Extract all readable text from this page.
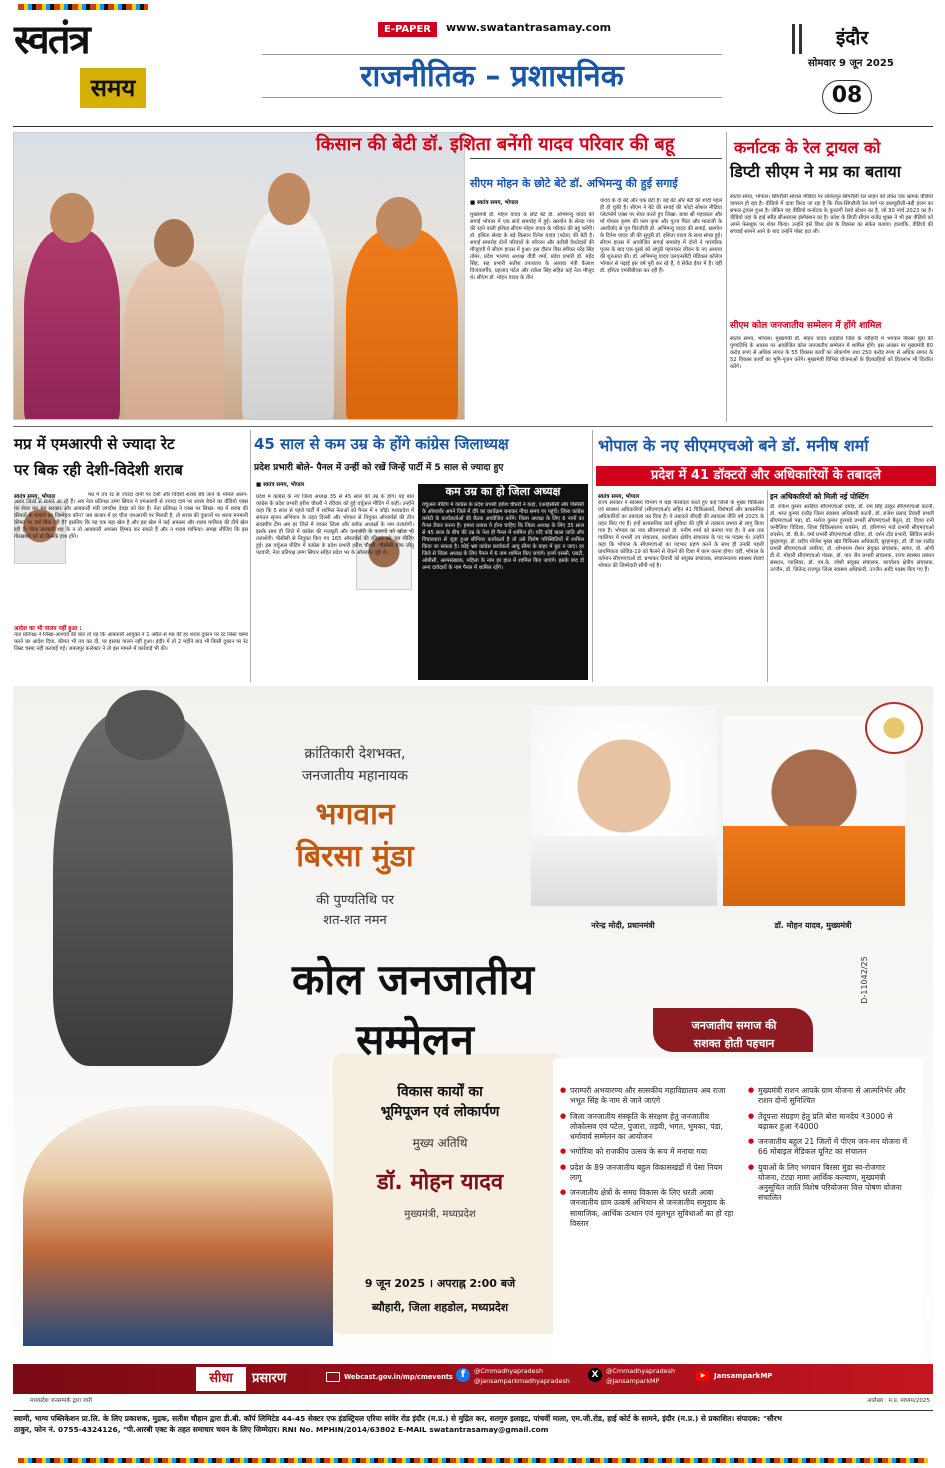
स्वतंत्र
समय
E-PAPER	www.swatantrasamay.com
राजनीतिक – प्रशासनिक
इंदौर
सोमवार 9 जून 2025
08
किसान की बेटी डॉ. इशिता बनेंगी यादव परिवार की बहू
सीएम मोहन के छोटे बेटे डॉ. अभिमन्यु की हुई सगाई
■ स्वतंत्र समय, भोपाल
मुख्यमंत्री डॉ. मोहन यादव के छोटे बेटे डॉ. अभिमन्यु यादव की सगाई भोपाल में एक सादे समारोह में हुई। खरगोन के सेल्दा गांव की रहने वाली इशिता सीएम मोहन यादव के परिवार की बहू बनेंगी। डॉ. इशिता सेल्दा के बड़े किसान दिनेश यादव (पटेल) की बेटी है। सगाई समारोह दोनों परिवारों के परिजन और करीबी रिश्तेदारों की मौजूदगी में सीएम हाउस में हुआ। इस दौरान विस स्पीकर नरेंद्र सिंह तोमर, प्रदेश भाजपा अध्यक्ष वीडी शर्मा, प्रदेश प्रभारी डॉ. महेंद्र सिंह, सह प्रभारी सतीश उपाध्याय के अलावा मंत्री कैलाश विजयवर्गीय, प्रहलाद पटेल और राकेश सिंह सहित कई नेता मौजूद थे। सीएम डॉ. मोहन यादव के तीन
यादव के दो बेटे और एक बेटी है। बड़े बेटे और बेटी की शादी पहले ही हो चुकी है। सीएम ने बेटे की सगाई की फोटो सोशल मीडिया प्लेटफॉर्म एक्स पर शेयर करते हुए लिखा- बाबा श्री महाकाल और माँ गोपाल कृष्ण की परम कृपा और पूज्य पिता और माताजी के आशीर्वाद से पुत्र चिरंजीवी डॉ. अभिमन्यु यादव की सगाई, खरगोन के दिनेश यादव जी की सुपुत्री डॉ. इशिता यादव के साथ संपन्न हुई। सीएम हाउस में आयोजित सगाई समारोह में दोनों ने पारंपरिक पूजन के बाद एक-दूसरे को अंगूठी पहनाकर जीवन के नए अध्याय की शुरुआत की। डॉ. अभिमन्यु यादव एलएनसीटी मेडिकल कॉलेज भोपाल से पढ़ाई इस वर्ष पूरी कर रहे हैं, वे सेकेंड ईयर में हैं। वहीं डॉ. इशिता एमबीबीएस कर रही हैं।
कर्नाटक के रेल ट्रायल को
डिप्टी सीएम ने मप्र का बताया
स्वतंत्र समय, भोपाल। सिंगरौली सोशल मीडिया पर ललितपुर-सिंगरौली रेल लाइन को लेकर एक भ्रामक वीडियो वायरल हो रहा है। वीडियो में दावा किया जा रहा है कि रीवा-सिंगरौली रेल मार्ग पर डब्ल्यूडीजी-4डी इंजन का सफल ट्रायल हुआ है। लेकिन यह वीडियो कर्नाटक के कुरतगी रेलवे स्टेशन का है, जो 30 मार्च 2023 का है। वीडियो वहां के हाई स्पीड सीआरएस इंस्पेक्शन का है। प्रदेश के डिप्टी सीएम राजेंद्र शुक्ल ने भी इस वीडियो को अपने फेसबुक पर शेयर किया। उन्होंने इसे विंध्य क्षेत्र के विकास का संकेत बताया। हालांकि, वीडियो की सच्चाई सामने आने के बाद उन्होंने पोस्ट हटा ली।
सीएम कोल जनजातीय सम्मेलन में होंगे शामिल
स्वतंत्र समय, भोपाल। मुख्यमंत्री डॉ. मोहन यादव शहडोल जिले के ब्यौहारी में भगवान बिरसा मुंडा की पुण्यतिथि के अवसर पर आयोजित कोल जनजातीय सम्मेलन में शामिल होंगे। इस अवसर पर मुख्यमंत्री 80 करोड़ रुपए से अधिक लागत के 55 विकास कार्यों का लोकार्पण तथा 250 करोड़ रुपए से अधिक लागत के 52 विकास कार्यों का भूमि-पूजन करेंगे। मुख्यमंत्री विभिन्न योजनाओं के हितग्राहियों को हितलाभ भी वितरित करेंगे।
मप्र में एमआरपी से ज्यादा रेट
पर बिक रही देशी-विदेशी शराब
स्वतंत्र समय, भोपाल	मप्र में तय रेट से ज्यादा दामों पर देशी और विदेशी शराब बेचे जाने के मामले अलग-अलग जिलों से सामने आ रहे हैं। अब नेता प्रतिपक्ष उमंग सिंघार ने एमआरपी से ज्यादा दाम पर शराब बेचने का वीडियो एक्स पर शेयर कर मप्र सरकार और आबकारी मंत्री जगदीश देवड़ा को घेरा है। नेता प्रतिपक्ष ने एक्स पर लिखा- मप्र में शराब की कीमतों के फंदाले का जिम्मेदार कौन? जब बाजार में हर चीज एमआरपी पर मिलती है, तो शराब की दुकानों पर शराब मनमानी कीमत पर क्यों बिक रही है? इसलिए कि यह एक बड़ा खेल है और इस खेल में कई अफसर और शराब माफिया की टीमें खेल रही हैं। बिना सरकारी शह के न तो आबकारी अफसर हिम्मत कर सकते हैं और न शराब माफिया। समझ लीजिए कि इस गोरखधंधे को डॉ किसके हाथ होंगे।
आदेश का भी पालन नहीं हुआ :
नेता प्रतिपक्ष ने लिखा-आश्चर्य की बात तो यह कि आबकारी आयुक्त ने 1 अप्रैल से मप्र की हर शराब दुकान पर रेट लिस्ट चस्पा करने का आदेश दिया, कीमत भी तय कर दी, पर इसका पालन नहीं हुआ। इंदौर में तो 2 महीने बाद भी किसी दुकान पर रेट लिस्ट चस्पा नहीं करवाई गई। जबलपुर कलेक्टर ने तो इस मामले में कार्रवाई भी की।
45 साल से कम उम्र के होंगे कांग्रेस जिलाध्यक्ष
प्रदेश प्रभारी बोले- पैनल में उन्हीं को रखें जिन्हें पार्टी में 5 साल से ज्यादा हुए
■ स्वतंत्र समय, भोपाल
प्रदेश में कांग्रेस के नए जिला अध्यक्ष 35 से 45 साल की उम्र के होंगे। यह बात कांग्रेस के प्रदेश प्रभारी हरीश चौधरी ने रविवार को हुई वर्चुअल मीटिंग में कही। उन्होंने कहा कि 5 साल से पहले पार्टी में शामिल नेताओं को पैनल में न जोड़ें। मध्यप्रदेश में संगठन सृजन अभियान के तहत दिल्ली और भोपाल से नियुक्त ऑब्जर्वर्स की तीन सदस्यीय टीम अब हर जिले में जाकर जिला और ब्लॉक अध्यक्षों के नाम तलाशेगी। इसके साथ ही जिले में कांग्रेस की मजबूती और कमजोरी के कारणों को खोज भी तलाशेंगी। पीसीसी से नियुक्त किए गए 165 ऑब्जर्वर्स की रविवार को जूम मीटिंग हुई। इस वर्चुअल मीटिंग में कांग्रेस के प्रदेश प्रभारी हरीश चौधरी, पीसीसी चीफ जीतू पटवारी, नेता प्रतिपक्ष उमंग सिंघार सहित प्रदेश भर के ऑब्जर्वर जुड़े थे।
कम उम्र का हो जिला अध्यक्ष
वर्चुअल मीटिंग में कांग्रेस के प्रदेश प्रभारी हरीश चौधरी ने कहा, एआईसीसी और पीसीसी के ऑब्जर्वर अपने जिले में दौरे का कार्यक्रम बनाकर नीचा समय पर पहुंचें। जिला कांग्रेस कमेटी के कार्यकर्ताओं की बैठक आयोजित करेंगे। जिला अध्यक्ष के लिए 6 नामों का पैनल तैयार करना है। हमारा प्रयास ये होना चाहिए कि जिला अध्यक्ष के लिए 35 साल से 45 साल के बीच की उम्र के नेता ही पैनल में शामिल हों। यदि कोई खास जाति और विचारधारा से जुड़ा हुआ सीनियर कार्यकर्ता है तो उसे विशेष परिस्थितियों में शामिल किया जा सकता है। कोई भ्रष्ट कांग्रेस कार्यकर्ता आयु सीमा के बाहर में छूट न जाए। हर जिले से जिला अध्यक्ष के लिए पैनल में 6 नाम शामिल किए जाएंगे। इनमें एससी, एसटी, ओबीसी, अल्पसंख्यक, महिला के नाम हर हाल में शामिल किए जाएंगे। इसके बाद दो अन्य दावेदारों के नाम पैनल में शामिल रहेंगे।
भोपाल के नए सीएमएचओ बने डॉ. मनीष शर्मा
प्रदेश में 41 डॉक्टरों और अधिकारियों के तबादले
स्वतंत्र समय, भोपाल
राज्य सरकार ने स्वास्थ्य विभाग में बड़ा फेरबदल करते हुए कई जिलों के मुख्य चिकित्सा एवं स्वास्थ्य अधिकारियों (सीएमएचओ) सहित 41 चिकित्सकों, विशेषज्ञों और प्रशासनिक अधिकारियों का तबादला कर दिया है। ये तबादले जीएडी की तबादला नीति वर्ष 2025 के तहत किए गए हैं। इन्हें प्रशासनिक कार्य सुविधा की दृष्टि से तत्काल प्रभाव से लागू किया गया है। भोपाल का नया सीएमएचओ डॉ. मनीष शर्मा को बनाया गया है। वे अब तक ग्वालियर में प्रभारी उप संचालक, कार्यालय क्षेत्रीय संचालक के पद पर पदस्थ थे। उन्होंने कहा कि भोपाल के सीएमएचओ का पदभार ग्रहण करने के साथ ही उनकी पहली प्राथमिकता कोविड-19 को फैलने से रोकने की दिशा में काम करना होगा। वहीं, भोपाल के वर्तमान सीएमएचओ डॉ. प्रभाकर तिवारी को संयुक्त संचालक, संचालनालय स्वास्थ्य सेवाएं भोपाल की जिम्मेदारी सौंपी गई है।
इन अधिकारियों को मिली नई पोस्टिंग
डॉ. राकेश कुमार अरड़िया सीएमएचओ दमोह, डॉ. राम सिंह ठाकुर सीएमएचओ कटनी, डॉ. भरत कुमार राठौड़ जिला स्वास्थ्य अधिकारी कटनी, डॉ. राजेश प्रसाद तिवारी प्रभारी सीएमएचओ पन्ना, डॉ. मनोज कुमार हुरमाडे प्रभारी सीएमएचओ बैतूल, डॉ. दिव्या रानी कनौजिया विदिशा, जिला चिकित्सालय रायसेन, डॉ. हरिगणन माडे प्रभारी सीएमएचओ रायसेन, डॉ. बी.के. वर्मा प्रभारी सीएमएचओ दतिया, डॉ. दर्शन टोंड प्रभारी, सिविल सर्जन बुरहानपुर, डॉ. प्रदीप मोजेश मुख्य खंड चिकित्सा अधिकारी, बुरहानपुर, डॉ. वी एस राठौड़ प्रभारी सीएमएचओ उमरिया, डॉ. शोभाराम रोशन संयुक्त संचालक, सागर, डॉ. ओपी डी.जे. मोहारी सीएमएचओ मंडला, डॉ. पान जैन प्रभारी संचालक, राज्य स्वास्थ्य प्रबंधन संस्थान, ग्वालियर, डॉ. एम.के. जोशी संयुक्त संचालक, कार्यालय क्षेत्रीय संचालक, उज्जैन, डॉ. जितेन्द्र राजपूत जिला स्वास्थ्य अधिकारी, उज्जैन आदि पदस्थ किए गए हैं।
क्रांतिकारी देशभक्त,
जनजातीय महानायक
भगवान
बिरसा मुंडा
की पुण्यतिथि पर
शत-शत नमन
कोल जनजातीय
सम्मेलन
नरेन्द्र मोदी, प्रधानमंत्री	डॉ. मोहन यादव, मुख्यमंत्री
D-11042/25
जनजातीय समाज की
सशक्त होती पहचान
विकास कार्यों का
भूमिपूजन एवं लोकार्पण
मुख्य अतिथि
डॉ. मोहन यादव
मुख्यमंत्री, मध्यप्रदेश
9 जून 2025 । अपराह्न 2:00 बजे
ब्यौहारी, जिला शहडोल, मध्यप्रदेश
● पराम्परी अभयारण्य और सासकीय महाविद्यालय अब राजा भभूत सिंह के नाम से जाने जाएंगे
● जिला जनजातीय संस्कृति के संरक्षण हेतु जनजातीय लोकोत्सव एवं पटेल, पुजारा, तड़वी, भगत, भुमका, पंडा, धर्मावार्य सम्मेलन का आयोजन
● भगोरिया को राजकीय उत्सव के रूप में मनाया गया
● प्रदेश के 89 जनजातीय बहुल विकासखंडों में पेसा नियम लागू
● जनजातीय क्षेत्रों के समग्र विकास के लिए धरती आबा जनजातीय ग्राम उत्कर्ष अभियान से जनजातीय समुदाय के सामाजिक, आर्थिक उत्थान एवं मूलभूत सुविधाओं का हो रहा विस्तार
● मुख्यमंत्री राशन आपके ग्राम योजना से आत्मनिर्भर और राशन दोनों सुनिश्चित
● तेंदूपत्ता संग्रहण हेतु प्रति बोरा मानदेय ₹3000 से बढ़ाकर हुआ ₹4000
● जनजातीय बहुल 21 जिलों में पीएम जन-मन योजना में 66 मोबाइल मेडिकल यूनिट का संचालन
● युवाओं के लिए भगवान बिरसा मुंडा स्व-रोजगार योजना, टंट्या मामा आर्थिक कल्याण, मुख्यमंत्री अनुसूचित जाति विशेष परियोजना वित्त पोषण योजना संचालित
सीधा	प्रसारण	Webcast.gov.in/mp/cmevents f	@Cmmadhyapradesh
@jansamparkmadhyapradesh
X	@Cmmadhyapradesh
@JansamparkMP
▶	JansamparkMP
मध्यप्रदेश जनसम्पर्क द्वारा जारी	आलेख्य : म.प्र. माध्यम/2025
स्वामी, भाग्य पब्लिकेशन प्रा.लि. के लिए प्रकाशक, मुद्रक, सतीश चौहान द्वारा डी.बी. कॉर्प लिमिटेड 44-45 सेक्टर एफ इंडस्ट्रियल एरिया सांवेर रोड इंदौर (म.प्र.) से मुद्रित कर, सतगुरु इलाइट, पांचवीं माला, एम.जी.रोड, हाई कोर्ट के सामने, इंदौर (म.प्र.) से प्रकाशित। संपादक: "सौरभ
ठाकुर, फोन नं. 0755-4324126, "पी.आरबी एक्ट के तहत समाचार चयन के लिए जिम्मेदार। RNI No. MPHIN/2014/63802 E-MAIL swatantrasamay@gmail.com
